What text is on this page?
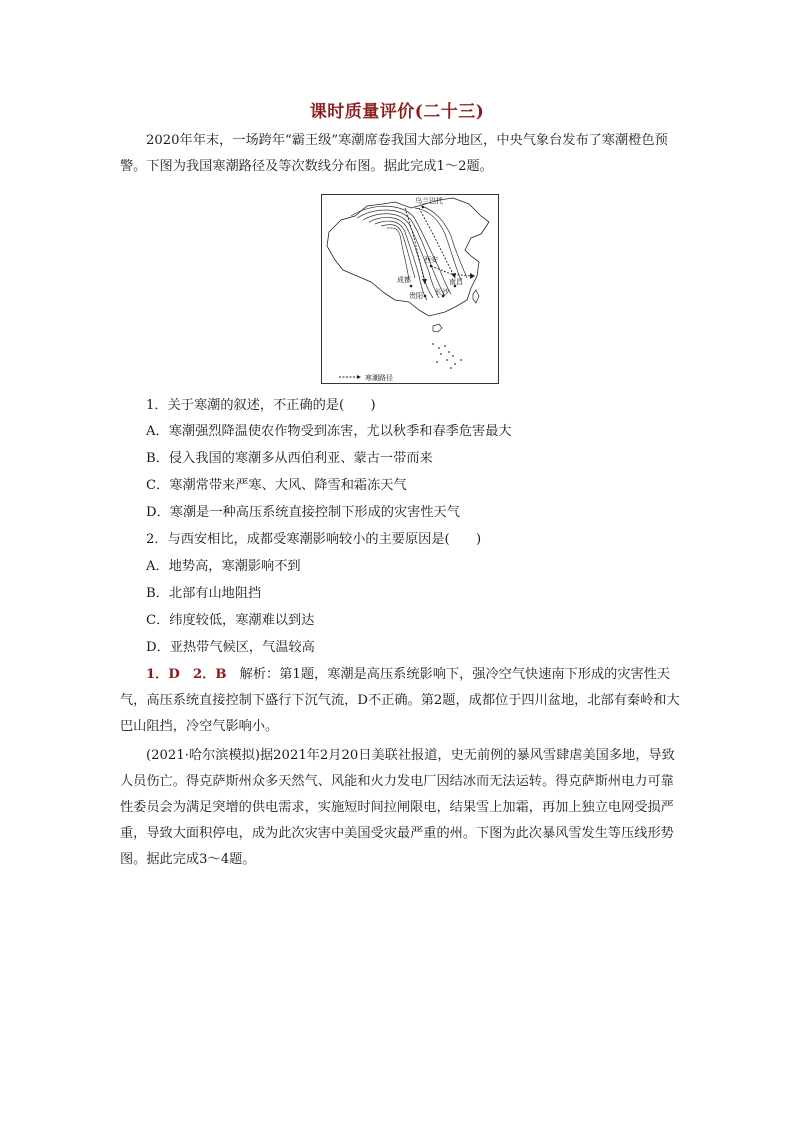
课时质量评价(二十三)
2020年年末，一场跨年“霸王级”寒潮席卷我国大部分地区，中央气象台发布了寒潮橙色预警。下图为我国寒潮路径及等次数线分布图。据此完成1～2题。
乌兰巴托
西安
成都
贵阳
南昌
长沙
寒潮路径
1．关于寒潮的叙述，不正确的是(　　)
A．寒潮强烈降温使农作物受到冻害，尤以秋季和春季危害最大
B．侵入我国的寒潮多从西伯利亚、蒙古一带而来
C．寒潮常带来严寒、大风、降雪和霜冻天气
D．寒潮是一种高压系统直接控制下形成的灾害性天气
2．与西安相比，成都受寒潮影响较小的主要原因是(　　)
A．地势高，寒潮影响不到
B．北部有山地阻挡
C．纬度较低，寒潮难以到达
D．亚热带气候区，气温较高
1．D　2．B　解析：第1题，寒潮是高压系统影响下，强冷空气快速南下形成的灾害性天气，高压系统直接控制下盛行下沉气流，D不正确。第2题，成都位于四川盆地，北部有秦岭和大巴山阻挡，冷空气影响小。
(2021·哈尔滨模拟)据2021年2月20日美联社报道，史无前例的暴风雪肆虐美国多地，导致人员伤亡。得克萨斯州众多天然气、风能和火力发电厂因结冰而无法运转。得克萨斯州电力可靠性委员会为满足突增的供电需求，实施短时间拉闸限电，结果雪上加霜，再加上独立电网受损严重，导致大面积停电，成为此次灾害中美国受灾最严重的州。下图为此次暴风雪发生等压线形势图。据此完成3～4题。
